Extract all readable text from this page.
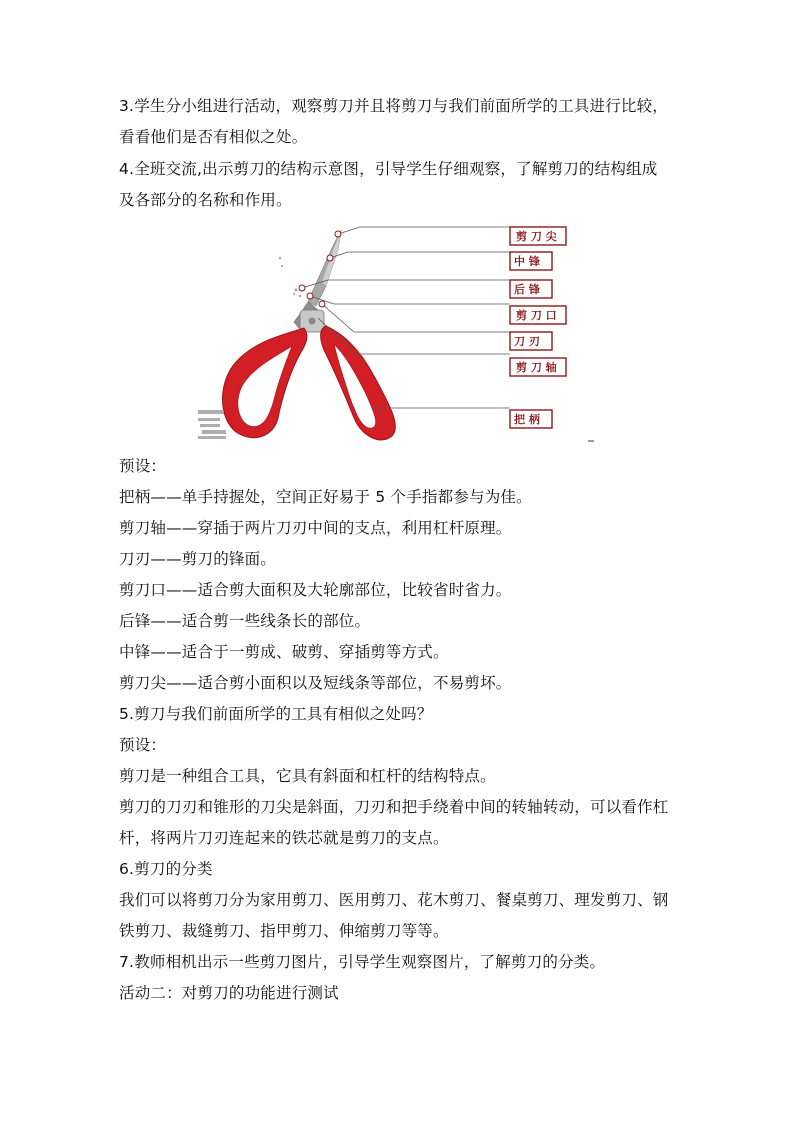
3.学生分小组进行活动，观察剪刀并且将剪刀与我们前面所学的工具进行比较，
看看他们是否有相似之处。
4.全班交流,出示剪刀的结构示意图，引导学生仔细观察，了解剪刀的结构组成
及各部分的名称和作用。
剪 刀 尖
中 锋
后 锋
剪 刀 口
刀 刃
剪 刀 轴
把 柄
预设：
把柄——单手持握处，空间正好易于 5 个手指都参与为佳。
剪刀轴——穿插于两片刀刃中间的支点，利用杠杆原理。
刀刃——剪刀的锋面。
剪刀口——适合剪大面积及大轮廓部位，比较省时省力。
后锋——适合剪一些线条长的部位。
中锋——适合于一剪成、破剪、穿插剪等方式。
剪刀尖——适合剪小面积以及短线条等部位，不易剪坏。
5.剪刀与我们前面所学的工具有相似之处吗？
预设：
剪刀是一种组合工具，它具有斜面和杠杆的结构特点。
剪刀的刀刃和锥形的刀尖是斜面，刀刃和把手绕着中间的转轴转动，可以看作杠
杆，将两片刀刃连起来的铁芯就是剪刀的支点。
6.剪刀的分类
我们可以将剪刀分为家用剪刀、医用剪刀、花木剪刀、餐桌剪刀、理发剪刀、钢
铁剪刀、裁缝剪刀、指甲剪刀、伸缩剪刀等等。
7.教师相机出示一些剪刀图片，引导学生观察图片，了解剪刀的分类。
活动二：对剪刀的功能进行测试
